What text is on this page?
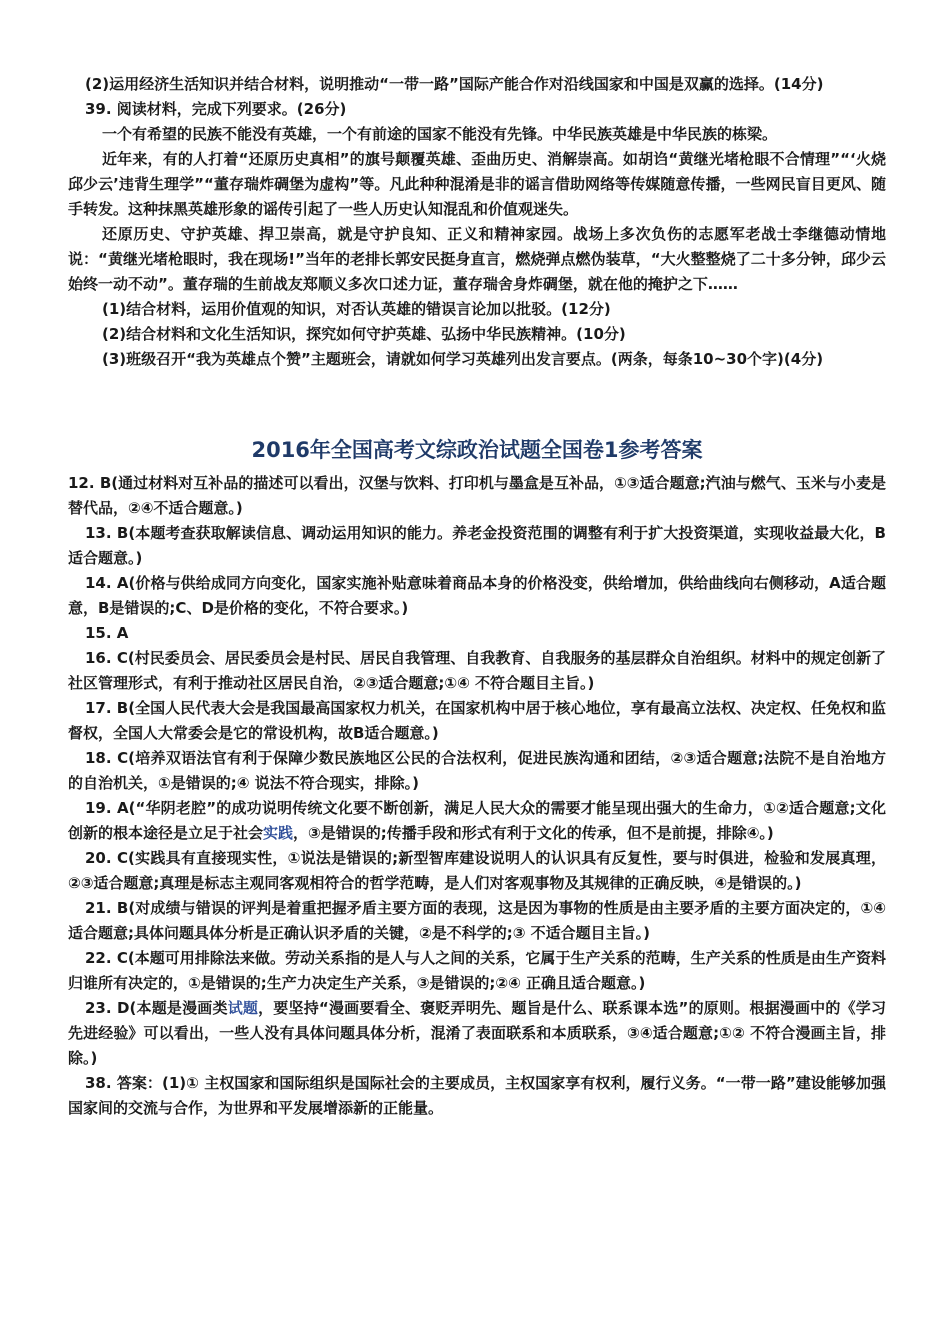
(2)运用经济生活知识并结合材料，说明推动“一带一路”国际产能合作对沿线国家和中国是双赢的选择。(14分)

39. 阅读材料，完成下列要求。(26分)

一个有希望的民族不能没有英雄，一个有前途的国家不能没有先锋。中华民族英雄是中华民族的栋梁。

近年来，有的人打着“还原历史真相”的旗号颠覆英雄、歪曲历史、消解崇高。如胡诌“黄继光堵枪眼不合情理”“‘火烧邱少云’违背生理学”“董存瑞炸碉堡为虚构”等。凡此种种混淆是非的谣言借助网络等传媒随意传播，一些网民盲目更风、随手转发。这种抹黑英雄形象的谣传引起了一些人历史认知混乱和价值观迷失。

还原历史、守护英雄、捍卫崇高，就是守护良知、正义和精神家园。战场上多次负伤的志愿军老战士李继德动情地说：“黄继光堵枪眼时，我在现场!”当年的老排长郭安民挺身直言，燃烧弹点燃伪装草，“大火整整烧了二十多分钟，邱少云始终一动不动”。董存瑞的生前战友郑顺义多次口述力证，董存瑞舍身炸碉堡，就在他的掩护之下……

(1)结合材料，运用价值观的知识，对否认英雄的错误言论加以批驳。(12分)

(2)结合材料和文化生活知识，探究如何守护英雄、弘扬中华民族精神。(10分)

(3)班级召开“我为英雄点个赞”主题班会，请就如何学习英雄列出发言要点。(两条，每条10~30个字)(4分)

2016年全国高考文综政治试题全国卷1参考答案

12. B(通过材料对互补品的描述可以看出，汉堡与饮料、打印机与墨盒是互补品，①③适合题意;汽油与燃气、玉米与小麦是替代品，②④不适合题意。)

13. B(本题考查获取解读信息、调动运用知识的能力。养老金投资范围的调整有利于扩大投资渠道，实现收益最大化，B适合题意。)

14. A(价格与供给成同方向变化，国家实施补贴意味着商品本身的价格没变，供给增加，供给曲线向右侧移动，A适合题意，B是错误的;C、D是价格的变化，不符合要求。)

15. A

16. C(村民委员会、居民委员会是村民、居民自我管理、自我教育、自我服务的基层群众自治组织。材料中的规定创新了社区管理形式，有利于推动社区居民自治，②③适合题意;①④ 不符合题目主旨。)

17. B(全国人民代表大会是我国最高国家权力机关，在国家机构中居于核心地位，享有最高立法权、决定权、任免权和监督权，全国人大常委会是它的常设机构，故B适合题意。)

18. C(培养双语法官有利于保障少数民族地区公民的合法权利，促进民族沟通和团结，②③适合题意;法院不是自治地方的自治机关，①是错误的;④ 说法不符合现实，排除。)

19. A(“华阴老腔”的成功说明传统文化要不断创新，满足人民大众的需要才能呈现出强大的生命力，①②适合题意;文化创新的根本途径是立足于社会实践，③是错误的;传播手段和形式有利于文化的传承，但不是前提，排除④。)

20. C(实践具有直接现实性，①说法是错误的;新型智库建设说明人的认识具有反复性，要与时俱进，检验和发展真理，②③适合题意;真理是标志主观同客观相符合的哲学范畴，是人们对客观事物及其规律的正确反映，④是错误的。)

21. B(对成绩与错误的评判是着重把握矛盾主要方面的表现，这是因为事物的性质是由主要矛盾的主要方面决定的，①④适合题意;具体问题具体分析是正确认识矛盾的关键，②是不科学的;③ 不适合题目主旨。)

22. C(本题可用排除法来做。劳动关系指的是人与人之间的关系，它属于生产关系的范畴，生产关系的性质是由生产资料归谁所有决定的，①是错误的;生产力决定生产关系，③是错误的;②④ 正确且适合题意。)

23. D(本题是漫画类试题，要坚持“漫画要看全、褒贬弄明先、题旨是什么、联系课本选”的原则。根据漫画中的《学习先进经验》可以看出，一些人没有具体问题具体分析，混淆了表面联系和本质联系，③④适合题意;①② 不符合漫画主旨，排除。)

38. 答案：(1)① 主权国家和国际组织是国际社会的主要成员，主权国家享有权利，履行义务。“一带一路”建设能够加强国家间的交流与合作，为世界和平发展增添新的正能量。
